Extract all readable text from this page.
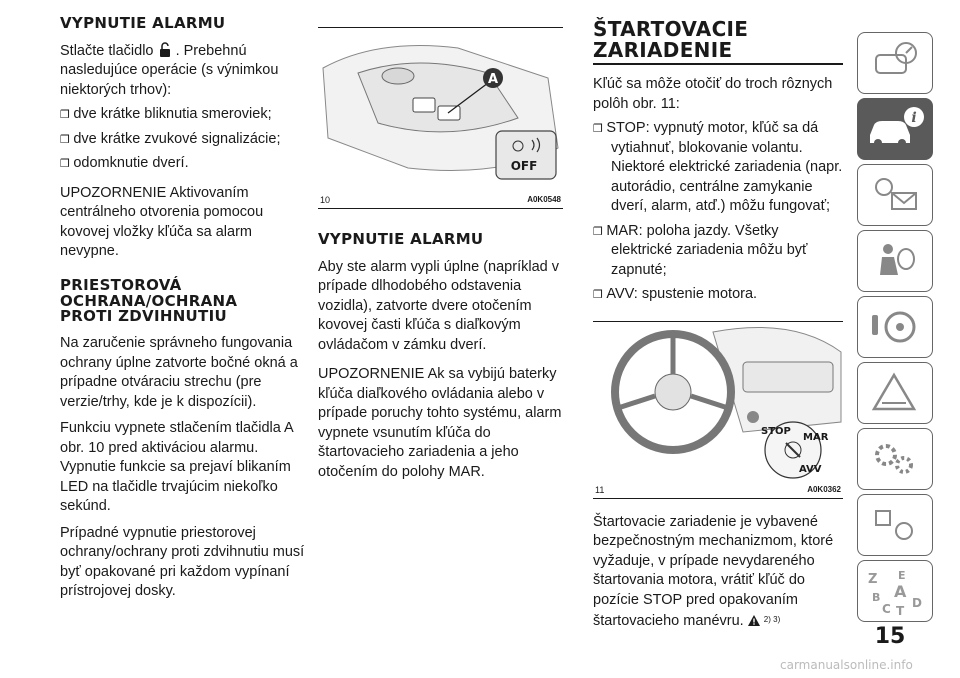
VYPNUTIE ALARMU

Stlačte tlačidlo . Prebehnú nasledujúce operácie (s výnimkou niektorých trhov):

❒ dve krátke bliknutia smeroviek;

❒ dve krátke zvukové signalizácie;

❒ odomknutie dverí.

UPOZORNENIE Aktivovaním centrálneho otvorenia pomocou kovovej vložky kľúča sa alarm nevypne.

PRIESTOROVÁ
OCHRANA/OCHRANA
PROTI ZDVIHNUTIU

Na zaručenie správneho fungovania ochrany úplne zatvorte bočné okná a prípadne otváraciu strechu (pre verzie/trhy, kde je k dispozícii).

Funkciu vypnete stlačením tlačidla A obr. 10 pred aktiváciou alarmu. Vypnutie funkcie sa prejaví blikaním LED na tlačidle trvajúcim niekoľko sekúnd.

Prípadné vypnutie priestorovej ochrany/ochrany proti zdvihnutiu musí byť opakované pri každom vypínaní prístrojovej dosky.

A
OFF
10	A0K0548
VYPNUTIE ALARMU

Aby ste alarm vypli úplne (napríklad v prípade dlhodobého odstavenia vozidla), zatvorte dvere otočením kovovej časti kľúča s diaľkovým ovládačom v zámku dverí.

UPOZORNENIE Ak sa vybijú baterky kľúča diaľkového ovládania alebo v prípade poruchy tohto systému, alarm vypnete vsunutím kľúča do štartovacieho zariadenia a jeho otočením do polohy MAR.

ŠTARTOVACIE
ZARIADENIE

Kľúč sa môže otočiť do troch rôznych polôh obr. 11:

❒ STOP: vypnutý motor, kľúč sa dá vytiahnuť, blokovanie volantu. Niektoré elektrické zariadenia (napr. autorádio, centrálne zamykanie dverí, alarm, atď.) môžu fungovať;

❒ MAR: poloha jazdy. Všetky elektrické zariadenia môžu byť zapnuté;

❒ AVV: spustenie motora.

STOP
MAR
AVV
11	A0K0362

Štartovacie zariadenie je vybavené bezpečnostným mechanizmom, ktoré vyžaduje, v prípade nevydareného štartovania motora, vrátiť kľúč do pozície STOP pred opakovaním štartovacieho manévru.	$^{2) 3)}$

i
Z E
B A
C T
D
15
carmanualsonline.info
